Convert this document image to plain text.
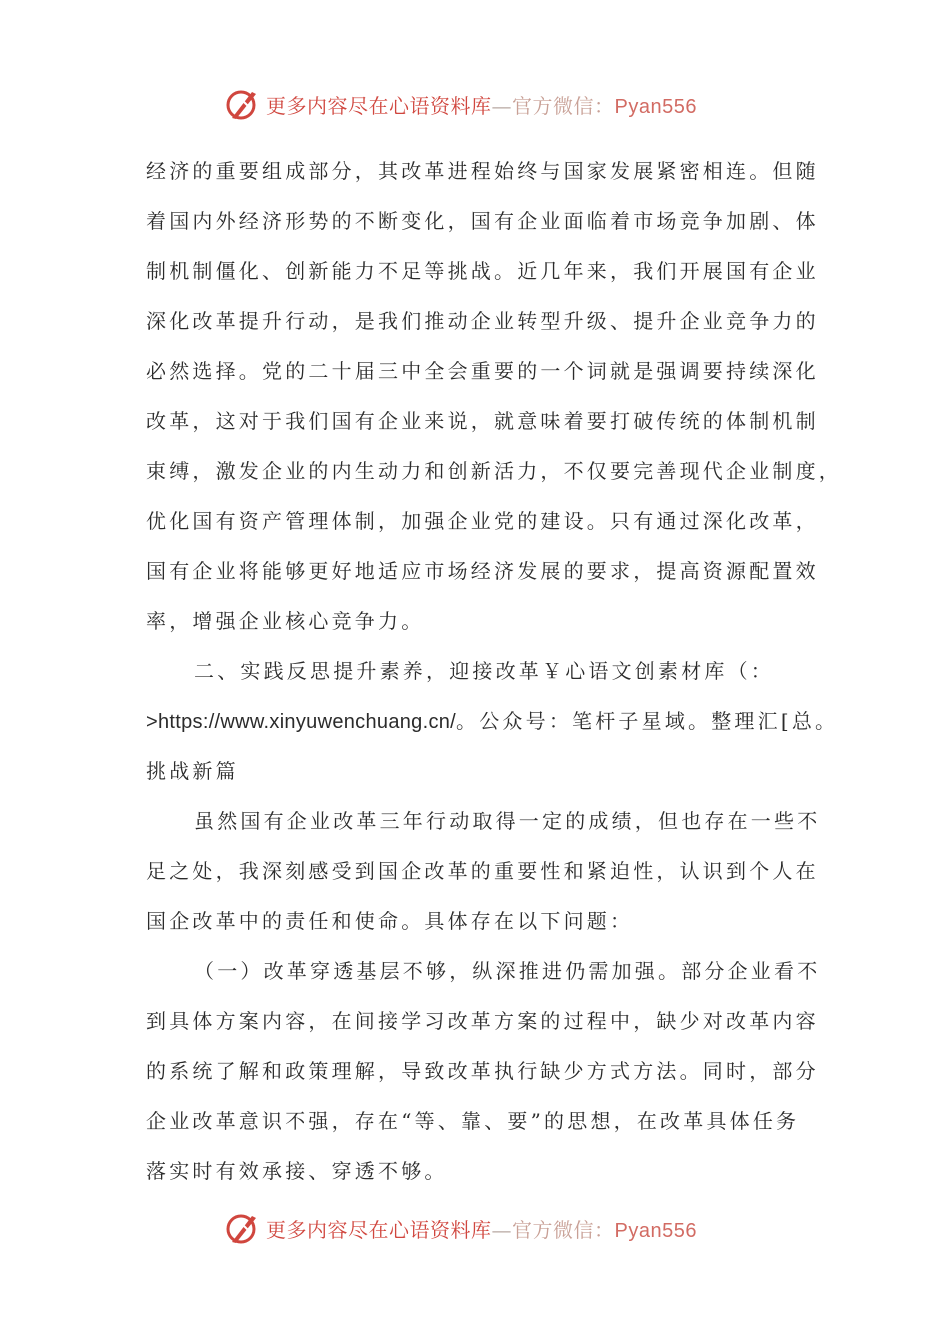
更多内容尽在心语资料库—官方微信：Pyan556
经济的重要组成部分，其改革进程始终与国家发展紧密相连。但随
着国内外经济形势的不断变化，国有企业面临着市场竞争加剧、体
制机制僵化、创新能力不足等挑战。近几年来，我们开展国有企业
深化改革提升行动，是我们推动企业转型升级、提升企业竞争力的
必然选择。党的二十届三中全会重要的一个词就是强调要持续深化
改革，这对于我们国有企业来说，就意味着要打破传统的体制机制
束缚，激发企业的内生动力和创新活力，不仅要完善现代企业制度，
优化国有资产管理体制，加强企业党的建设。只有通过深化改革，
国有企业将能够更好地适应市场经济发展的要求，提高资源配置效
率，增强企业核心竞争力。
二、实践反思提升素养，迎接改革￥心语文创素材库（：
>https://www.xinyuwenchuang.cn/。公众号：笔杆子星域。整理汇[总。
挑战新篇
虽然国有企业改革三年行动取得一定的成绩，但也存在一些不
足之处，我深刻感受到国企改革的重要性和紧迫性，认识到个人在
国企改革中的责任和使命。具体存在以下问题：
（一）改革穿透基层不够，纵深推进仍需加强。部分企业看不
到具体方案内容，在间接学习改革方案的过程中，缺少对改革内容
的系统了解和政策理解，导致改革执行缺少方式方法。同时，部分
企业改革意识不强，存在“等、靠、要”的思想，在改革具体任务
落实时有效承接、穿透不够。
更多内容尽在心语资料库—官方微信：Pyan556
